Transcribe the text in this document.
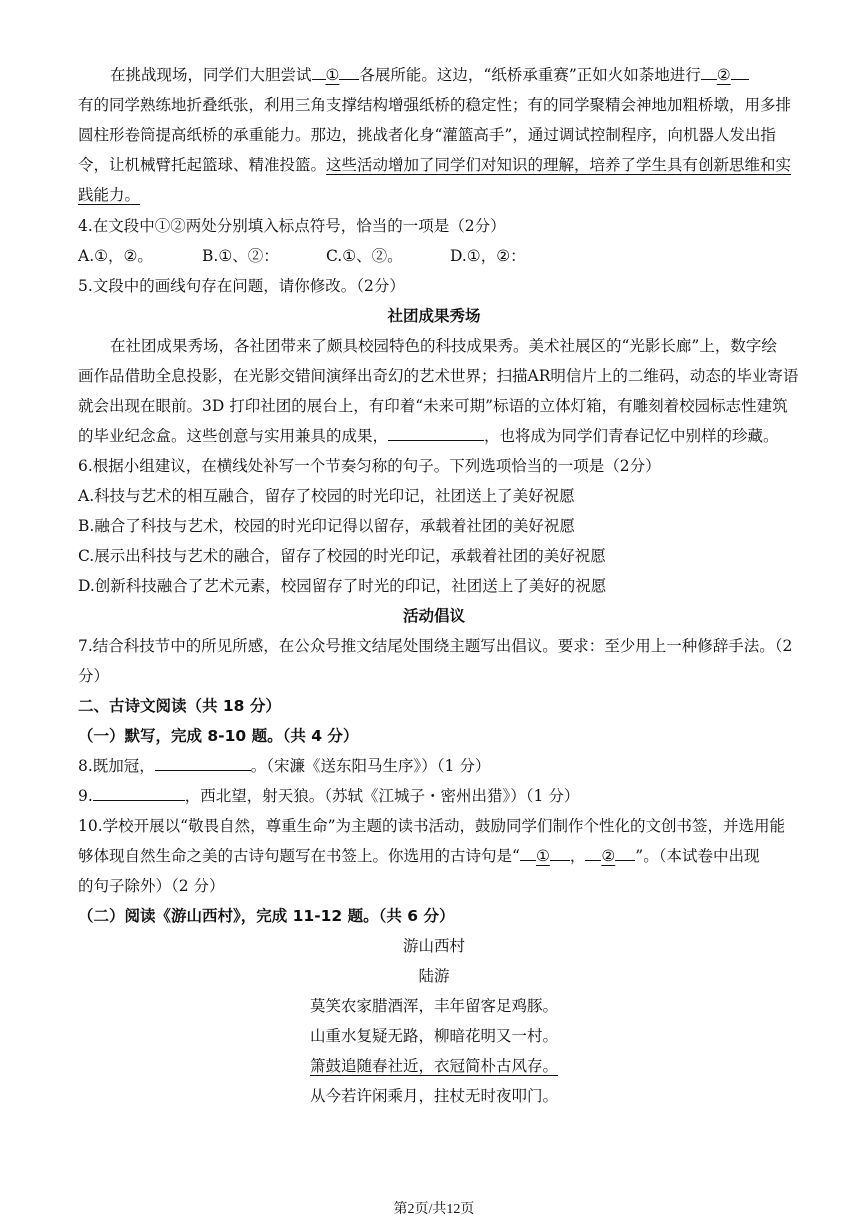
在挑战现场，同学们大胆尝试 ① 各展所能。这边，“纸桥承重赛”正如火如荼地进行 ②
有的同学熟练地折叠纸张，利用三角支撑结构增强纸桥的稳定性；有的同学聚精会神地加粗桥墩，用多排
圆柱形卷筒提高纸桥的承重能力。那边，挑战者化身“灌篮高手”，通过调试控制程序，向机器人发出指
令，让机械臂托起篮球、精准投篮。这些活动增加了同学们对知识的理解，培养了学生具有创新思维和实
践能力。
4.在文段中①②两处分别填入标点符号，恰当的一项是（2分）
A.①，②。	B.①、②：	C.①、②。	D.①，②：
5.文段中的画线句存在问题，请你修改。（2分）
社团成果秀场
在社团成果秀场，各社团带来了颇具校园特色的科技成果秀。美术社展区的“光影长廊”上，数字绘
画作品借助全息投影，在光影交错间演绎出奇幻的艺术世界；扫描AR明信片上的二维码，动态的毕业寄语
就会出现在眼前。3D 打印社团的展台上，有印着“未来可期”标语的立体灯箱，有雕刻着校园标志性建筑
的毕业纪念盒。这些创意与实用兼具的成果，	，也将成为同学们青春记忆中别样的珍藏。
6.根据小组建议，在横线处补写一个节奏匀称的句子。下列选项恰当的一项是（2分）
A.科技与艺术的相互融合，留存了校园的时光印记，社团送上了美好祝愿
B.融合了科技与艺术，校园的时光印记得以留存，承载着社团的美好祝愿
C.展示出科技与艺术的融合，留存了校园的时光印记，承载着社团的美好祝愿
D.创新科技融合了艺术元素，校园留存了时光的印记，社团送上了美好的祝愿
活动倡议
7.结合科技节中的所见所感，在公众号推文结尾处围绕主题写出倡议。要求：至少用上一种修辞手法。（2
分）
二、古诗文阅读（共 18 分）
（一）默写，完成 8-10 题。（共 4 分）
8.既加冠，	。（宋濂《送东阳马生序》）（1 分）
9.	，西北望，射天狼。（苏轼《江城子・密州出猎》）（1 分）
10.学校开展以“敬畏自然，尊重生命”为主题的读书活动，鼓励同学们制作个性化的文创书签，并选用能
够体现自然生命之美的古诗句题写在书签上。你选用的古诗句是“ ① ， ② ”。（本试卷中出现
的句子除外）（2 分）
（二）阅读《游山西村》，完成 11-12 题。（共 6 分）
游山西村
陆游
莫笑农家腊酒浑，丰年留客足鸡豚。
山重水复疑无路，柳暗花明又一村。
箫鼓追随春社近，衣冠简朴古风存。
从今若许闲乘月，拄杖无时夜叩门。
第2页/共12页
